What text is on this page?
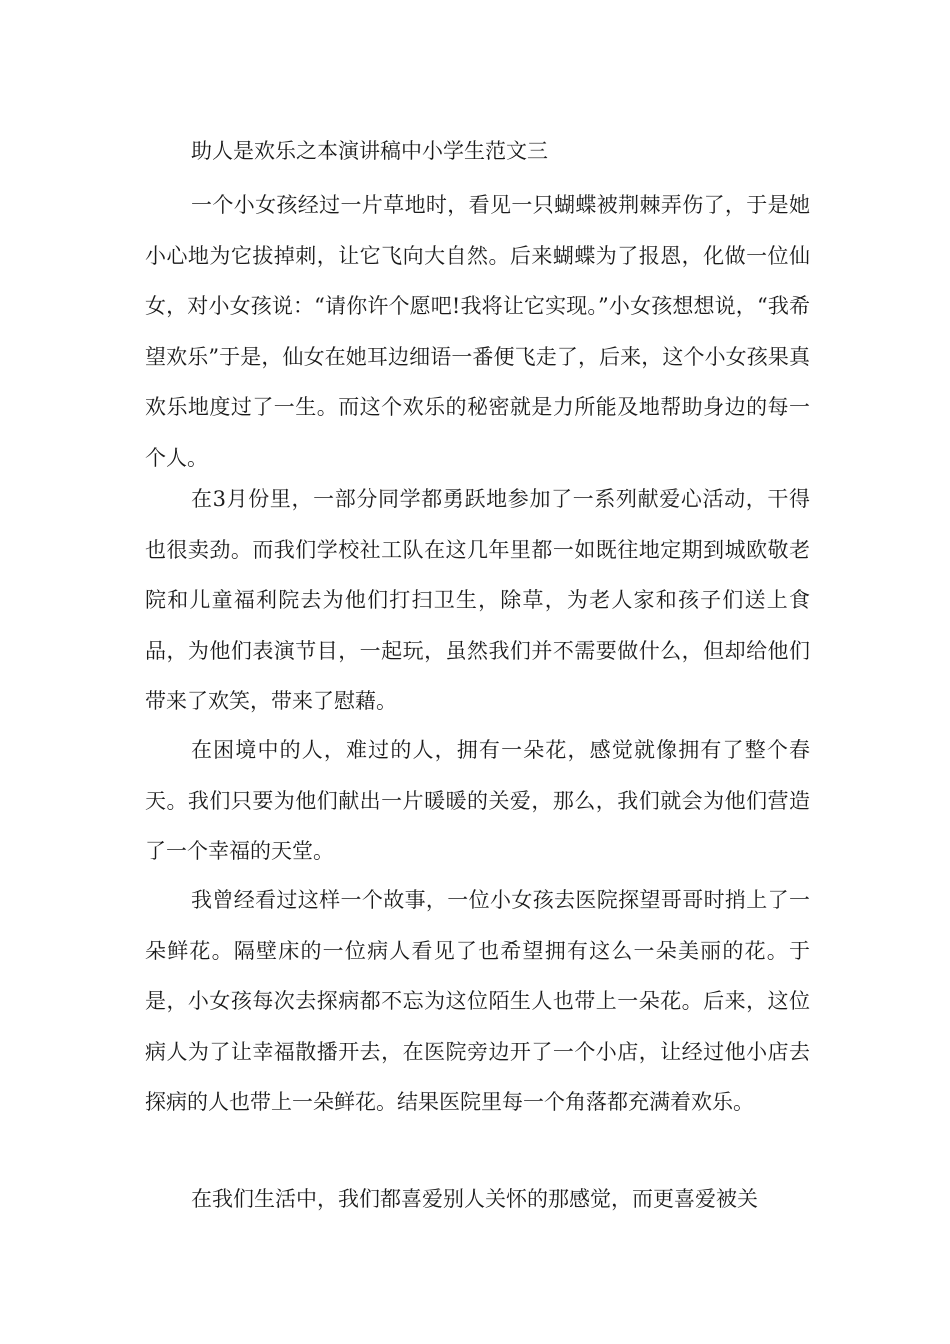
助人是欢乐之本演讲稿中小学生范文三

一个小女孩经过一片草地时，看见一只蝴蝶被荆棘弄伤了，于是她小心地为它拔掉刺，让它飞向大自然。后来蝴蝶为了报恩，化做一位仙女，对小女孩说：“请你许个愿吧!我将让它实现。”小女孩想想说，“我希望欢乐”于是，仙女在她耳边细语一番便飞走了，后来，这个小女孩果真欢乐地度过了一生。而这个欢乐的秘密就是力所能及地帮助身边的每一个人。

在3月份里，一部分同学都勇跃地参加了一系列献爱心活动，干得也很卖劲。而我们学校社工队在这几年里都一如既往地定期到城欧敬老院和儿童福利院去为他们打扫卫生，除草，为老人家和孩子们送上食品，为他们表演节目，一起玩，虽然我们并不需要做什么，但却给他们带来了欢笑，带来了慰藉。

在困境中的人，难过的人，拥有一朵花，感觉就像拥有了整个春天。我们只要为他们献出一片暖暖的关爱，那么，我们就会为他们营造了一个幸福的天堂。

我曾经看过这样一个故事，一位小女孩去医院探望哥哥时捎上了一朵鲜花。隔壁床的一位病人看见了也希望拥有这么一朵美丽的花。于是，小女孩每次去探病都不忘为这位陌生人也带上一朵花。后来，这位病人为了让幸福散播开去，在医院旁边开了一个小店，让经过他小店去探病的人也带上一朵鲜花。结果医院里每一个角落都充满着欢乐。

在我们生活中，我们都喜爱别人关怀的那感觉，而更喜爱被关
